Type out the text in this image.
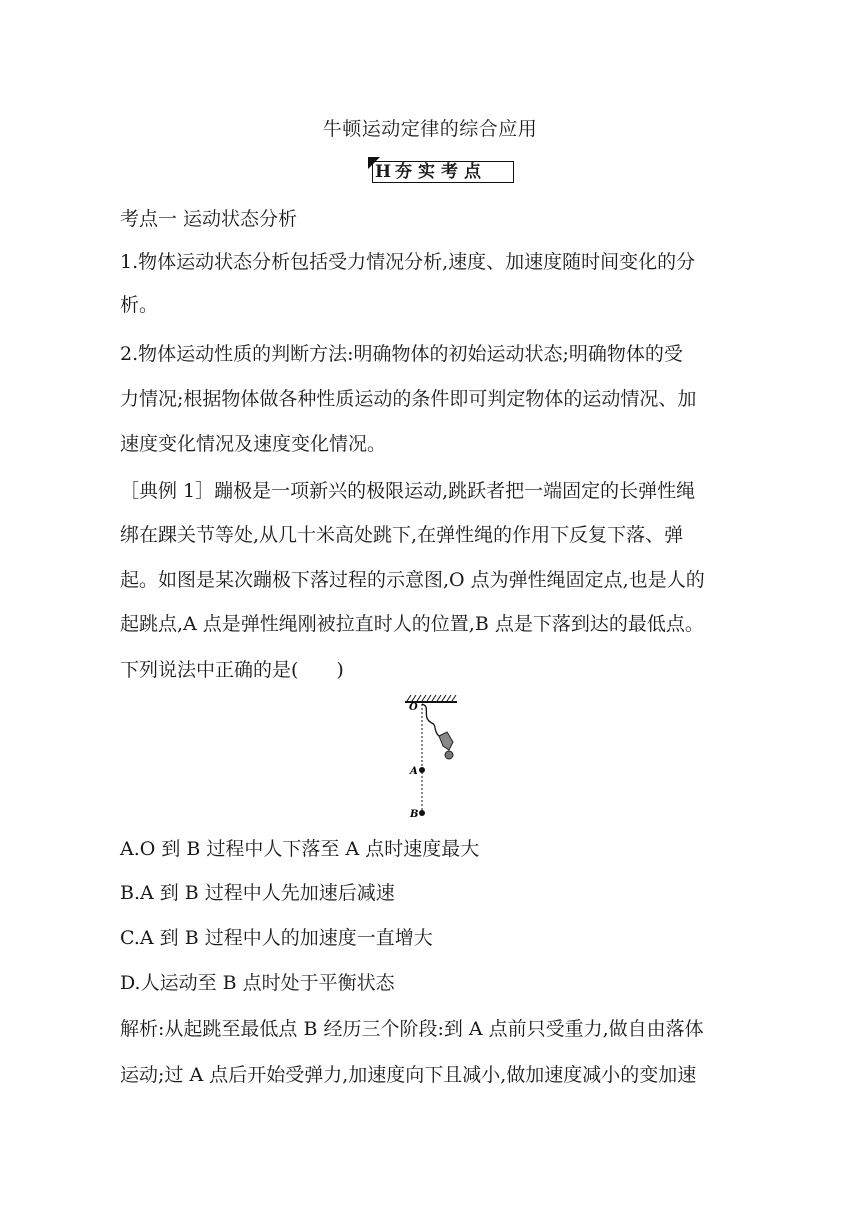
牛顿运动定律的综合应用
H 夯实考点
考点一 运动状态分析
1.物体运动状态分析包括受力情况分析,速度、加速度随时间变化的分
析。
2.物体运动性质的判断方法:明确物体的初始运动状态;明确物体的受
力情况;根据物体做各种性质运动的条件即可判定物体的运动情况、加
速度变化情况及速度变化情况。
［典例 1］蹦极是一项新兴的极限运动,跳跃者把一端固定的长弹性绳
绑在踝关节等处,从几十米高处跳下,在弹性绳的作用下反复下落、弹
起。如图是某次蹦极下落过程的示意图,O 点为弹性绳固定点,也是人的
起跳点,A 点是弹性绳刚被拉直时人的位置,B 点是下落到达的最低点。
下列说法中正确的是(　　)
O
A
B
A.O 到 B 过程中人下落至 A 点时速度最大
B.A 到 B 过程中人先加速后减速
C.A 到 B 过程中人的加速度一直增大
D.人运动至 B 点时处于平衡状态
解析:从起跳至最低点 B 经历三个阶段:到 A 点前只受重力,做自由落体
运动;过 A 点后开始受弹力,加速度向下且减小,做加速度减小的变加速
